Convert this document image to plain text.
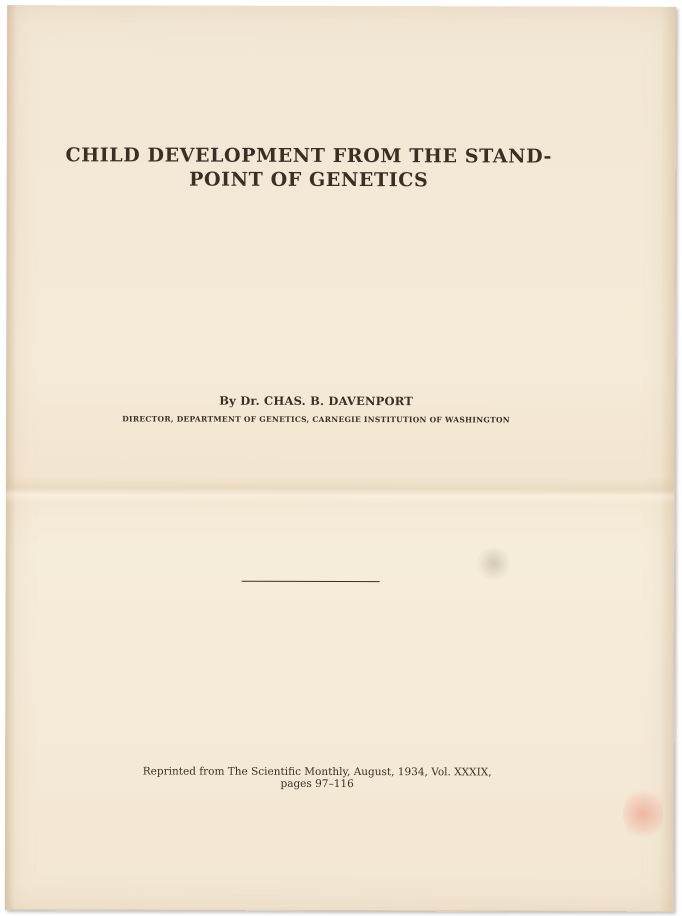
CHILD DEVELOPMENT FROM THE STAND-
POINT OF GENETICS
By Dr. CHAS. B. DAVENPORT
DIRECTOR, DEPARTMENT OF GENETICS, CARNEGIE INSTITUTION OF WASHINGTON
Reprinted from The Scientific Monthly, August, 1934, Vol. XXXIX,
pages 97–116
